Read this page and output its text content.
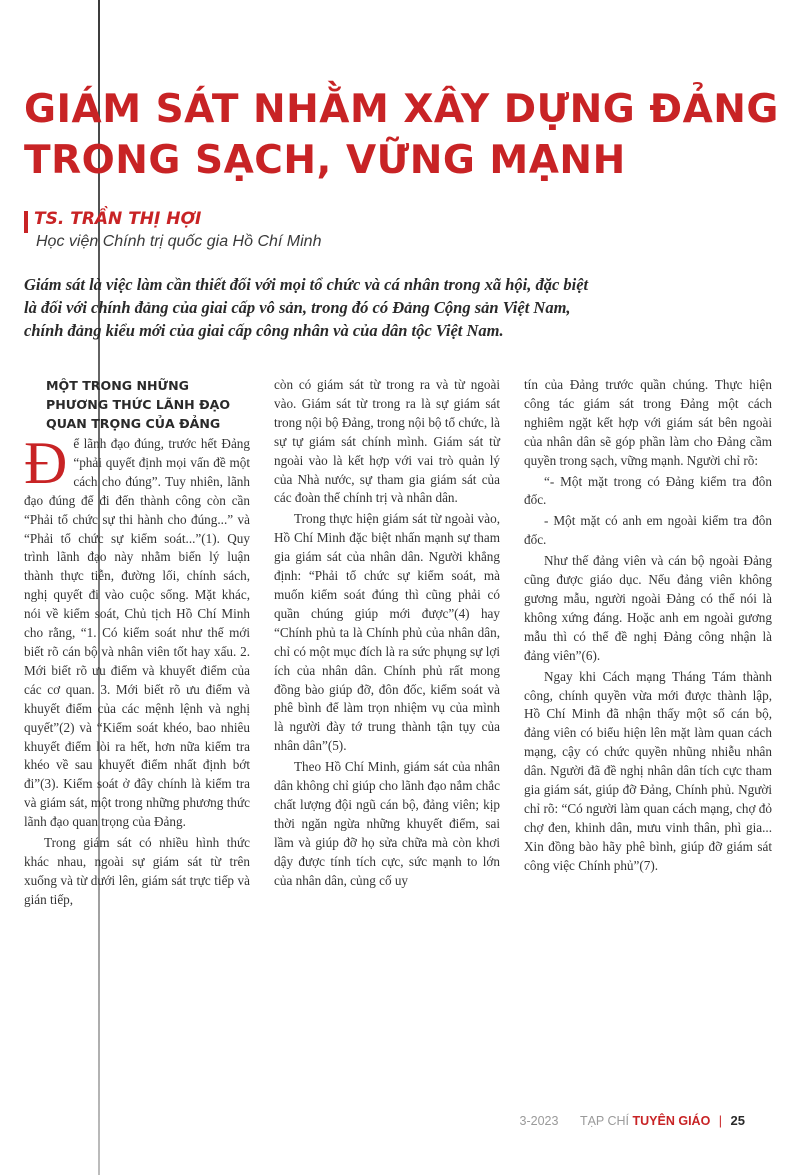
GIÁM SÁT NHẰM XÂY DỰNG ĐẢNG
TRONG SẠCH, VỮNG MẠNH
TS. TRẦN THỊ HỢI
Học viện Chính trị quốc gia Hồ Chí Minh

Giám sát là việc làm cần thiết đối với mọi tổ chức và cá nhân trong xã hội, đặc biệt
là đối với chính đảng của giai cấp vô sản, trong đó có Đảng Cộng sản Việt Nam,
chính đảng kiểu mới của giai cấp công nhân và của dân tộc Việt Nam.

MỘT TRONG NHỮNG
PHƯƠNG THỨC LÃNH ĐẠO
QUAN TRỌNG CỦA ĐẢNG

Để lãnh đạo đúng, trước hết Đảng “phải quyết định mọi vấn đề một cách cho đúng”. Tuy nhiên, lãnh đạo đúng để đi đến thành công còn cần “Phải tổ chức sự thi hành cho đúng...” và “Phải tổ chức sự kiểm soát...”(1). Quy trình lãnh đạo này nhằm biến lý luận thành thực tiễn, đường lối, chính sách, nghị quyết đi vào cuộc sống. Mặt khác, nói về kiểm soát, Chủ tịch Hồ Chí Minh cho rằng, “1. Có kiểm soát như thế mới biết rõ cán bộ và nhân viên tốt hay xấu. 2. Mới biết rõ ưu điểm và khuyết điểm của các cơ quan. 3. Mới biết rõ ưu điểm và khuyết điểm của các mệnh lệnh và nghị quyết”(2) và “Kiểm soát khéo, bao nhiêu khuyết điểm lòi ra hết, hơn nữa kiểm tra khéo về sau khuyết điểm nhất định bớt đi”(3). Kiểm soát ở đây chính là kiểm tra và giám sát, một trong những phương thức lãnh đạo quan trọng của Đảng.

Trong giám sát có nhiều hình thức khác nhau, ngoài sự giám sát từ trên xuống và từ dưới lên, giám sát trực tiếp và gián tiếp,

còn có giám sát từ trong ra và từ ngoài vào. Giám sát từ trong ra là sự giám sát trong nội bộ Đảng, trong nội bộ tổ chức, là sự tự giám sát chính mình. Giám sát từ ngoài vào là kết hợp với vai trò quản lý của Nhà nước, sự tham gia giám sát của các đoàn thể chính trị và nhân dân.

Trong thực hiện giám sát từ ngoài vào, Hồ Chí Minh đặc biệt nhấn mạnh sự tham gia giám sát của nhân dân. Người khẳng định: “Phải tổ chức sự kiểm soát, mà muốn kiểm soát đúng thì cũng phải có quần chúng giúp mới được”(4) hay “Chính phủ ta là Chính phủ của nhân dân, chỉ có một mục đích là ra sức phụng sự lợi ích của nhân dân. Chính phủ rất mong đồng bào giúp đỡ, đôn đốc, kiểm soát và phê bình để làm trọn nhiệm vụ của mình là người đày tớ trung thành tận tụy của nhân dân”(5).

Theo Hồ Chí Minh, giám sát của nhân dân không chỉ giúp cho lãnh đạo nắm chắc chất lượng đội ngũ cán bộ, đảng viên; kịp thời ngăn ngừa những khuyết điểm, sai lầm và giúp đỡ họ sửa chữa mà còn khơi dậy được tính tích cực, sức mạnh to lớn của nhân dân, củng cố uy

tín của Đảng trước quần chúng. Thực hiện công tác giám sát trong Đảng một cách nghiêm ngặt kết hợp với giám sát bên ngoài của nhân dân sẽ góp phần làm cho Đảng cầm quyền trong sạch, vững mạnh. Người chỉ rõ:

“- Một mặt trong có Đảng kiểm tra đôn đốc.

- Một mặt có anh em ngoài kiểm tra đôn đốc.

Như thế đảng viên và cán bộ ngoài Đảng cũng được giáo dục. Nếu đảng viên không gương mẫu, người ngoài Đảng có thể nói là không xứng đáng. Hoặc anh em ngoài gương mẫu thì có thể đề nghị Đảng công nhận là đảng viên”(6).

Ngay khi Cách mạng Tháng Tám thành công, chính quyền vừa mới được thành lập, Hồ Chí Minh đã nhận thấy một số cán bộ, đảng viên có biểu hiện lên mặt làm quan cách mạng, cậy có chức quyền nhũng nhiễu nhân dân. Người đã đề nghị nhân dân tích cực tham gia giám sát, giúp đỡ Đảng, Chính phủ. Người chỉ rõ: “Có người làm quan cách mạng, chợ đỏ chợ đen, khinh dân, mưu vinh thân, phì gia... Xin đồng bào hãy phê bình, giúp đỡ giám sát công việc Chính phủ”(7).

3-2023 TẠP CHÍ TUYÊN GIÁO | 25
